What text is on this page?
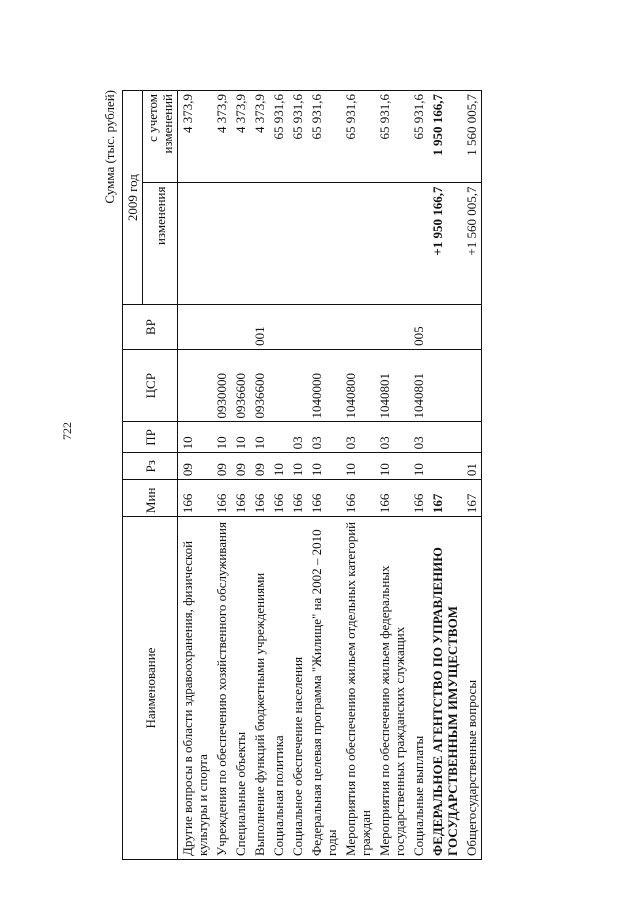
722
Сумма (тыс. рублей)
Наименование	Мин	Рз	ПР	ЦСР	ВР	2009 год	
						изменения	с учетом изменений
Другие вопросы в области здравоохранения, физической культуры и спорта	166	09	10				4 373,9
Учреждения по обеспечению хозяйственного обслуживания	166	09	10	0930000			4 373,9
Специальные объекты	166	09	10	0936600			4 373,9
Выполнение функций бюджетными учреждениями	166	09	10	0936600	001		4 373,9
Социальная политика	166	10					65 931,6
Социальное обеспечение населения	166	10	03				65 931,6
Федеральная целевая программа "Жилище" на 2002 – 2010 годы	166	10	03	1040000			65 931,6
Мероприятия по обеспечению жильем отдельных категорий граждан	166	10	03	1040800			65 931,6
Мероприятия по обеспечению жильем федеральных государственных гражданских служащих	166	10	03	1040801			65 931,6
Социальные выплаты	166	10	03	1040801	005		65 931,6
ФЕДЕРАЛЬНОЕ АГЕНТСТВО ПО УПРАВЛЕНИЮ ГОСУДАРСТВЕННЫМ ИМУЩЕСТВОМ	167					+1 950 166,7	1 950 166,7
Общегосударственные вопросы	167	01				+1 560 005,7	1 560 005,7
